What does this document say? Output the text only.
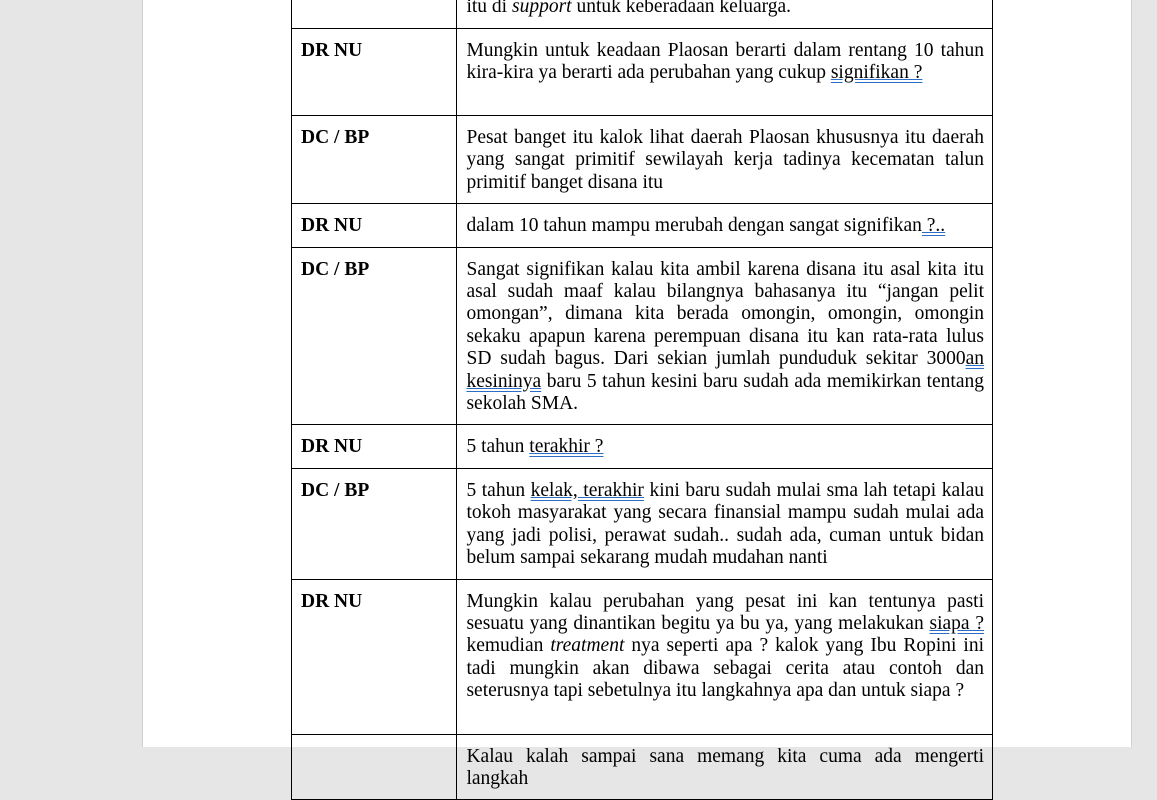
	itu di support untuk keberadaan keluarga.
DR NU	Mungkin untuk keadaan Plaosan berarti dalam rentang 10 tahun kira-kira ya berarti ada perubahan yang cukup signifikan ?
DC / BP	Pesat banget itu kalok lihat daerah Plaosan khususnya itu daerah yang sangat primitif sewilayah kerja tadinya kecematan talun primitif banget disana itu
DR NU	dalam 10 tahun mampu merubah dengan sangat signifikan ?..
DC / BP	Sangat signifikan kalau kita ambil karena disana itu asal kita itu asal sudah maaf kalau bilangnya bahasanya itu “jangan pelit omongan”, dimana kita berada omongin, omongin, omongin sekaku apapun karena perempuan disana itu kan rata-rata lulus SD sudah bagus. Dari sekian jumlah punduduk sekitar 3000an kesininya baru 5 tahun kesini baru sudah ada memikirkan tentang sekolah SMA.
DR NU	5 tahun terakhir ?
DC / BP	5 tahun kelak, terakhir kini baru sudah mulai sma lah tetapi kalau tokoh masyarakat yang secara finansial mampu sudah mulai ada yang jadi polisi, perawat sudah.. sudah ada, cuman untuk bidan belum sampai sekarang mudah mudahan nanti
DR NU	Mungkin kalau perubahan yang pesat ini kan tentunya pasti sesuatu yang dinantikan begitu ya bu ya, yang melakukan siapa ? kemudian treatment nya seperti apa ? kalok yang Ibu Ropini ini tadi mungkin akan dibawa sebagai cerita atau contoh dan seterusnya tapi sebetulnya itu langkahnya apa dan untuk siapa ?
	Kalau kalah sampai sana memang kita cuma ada mengerti langkah
